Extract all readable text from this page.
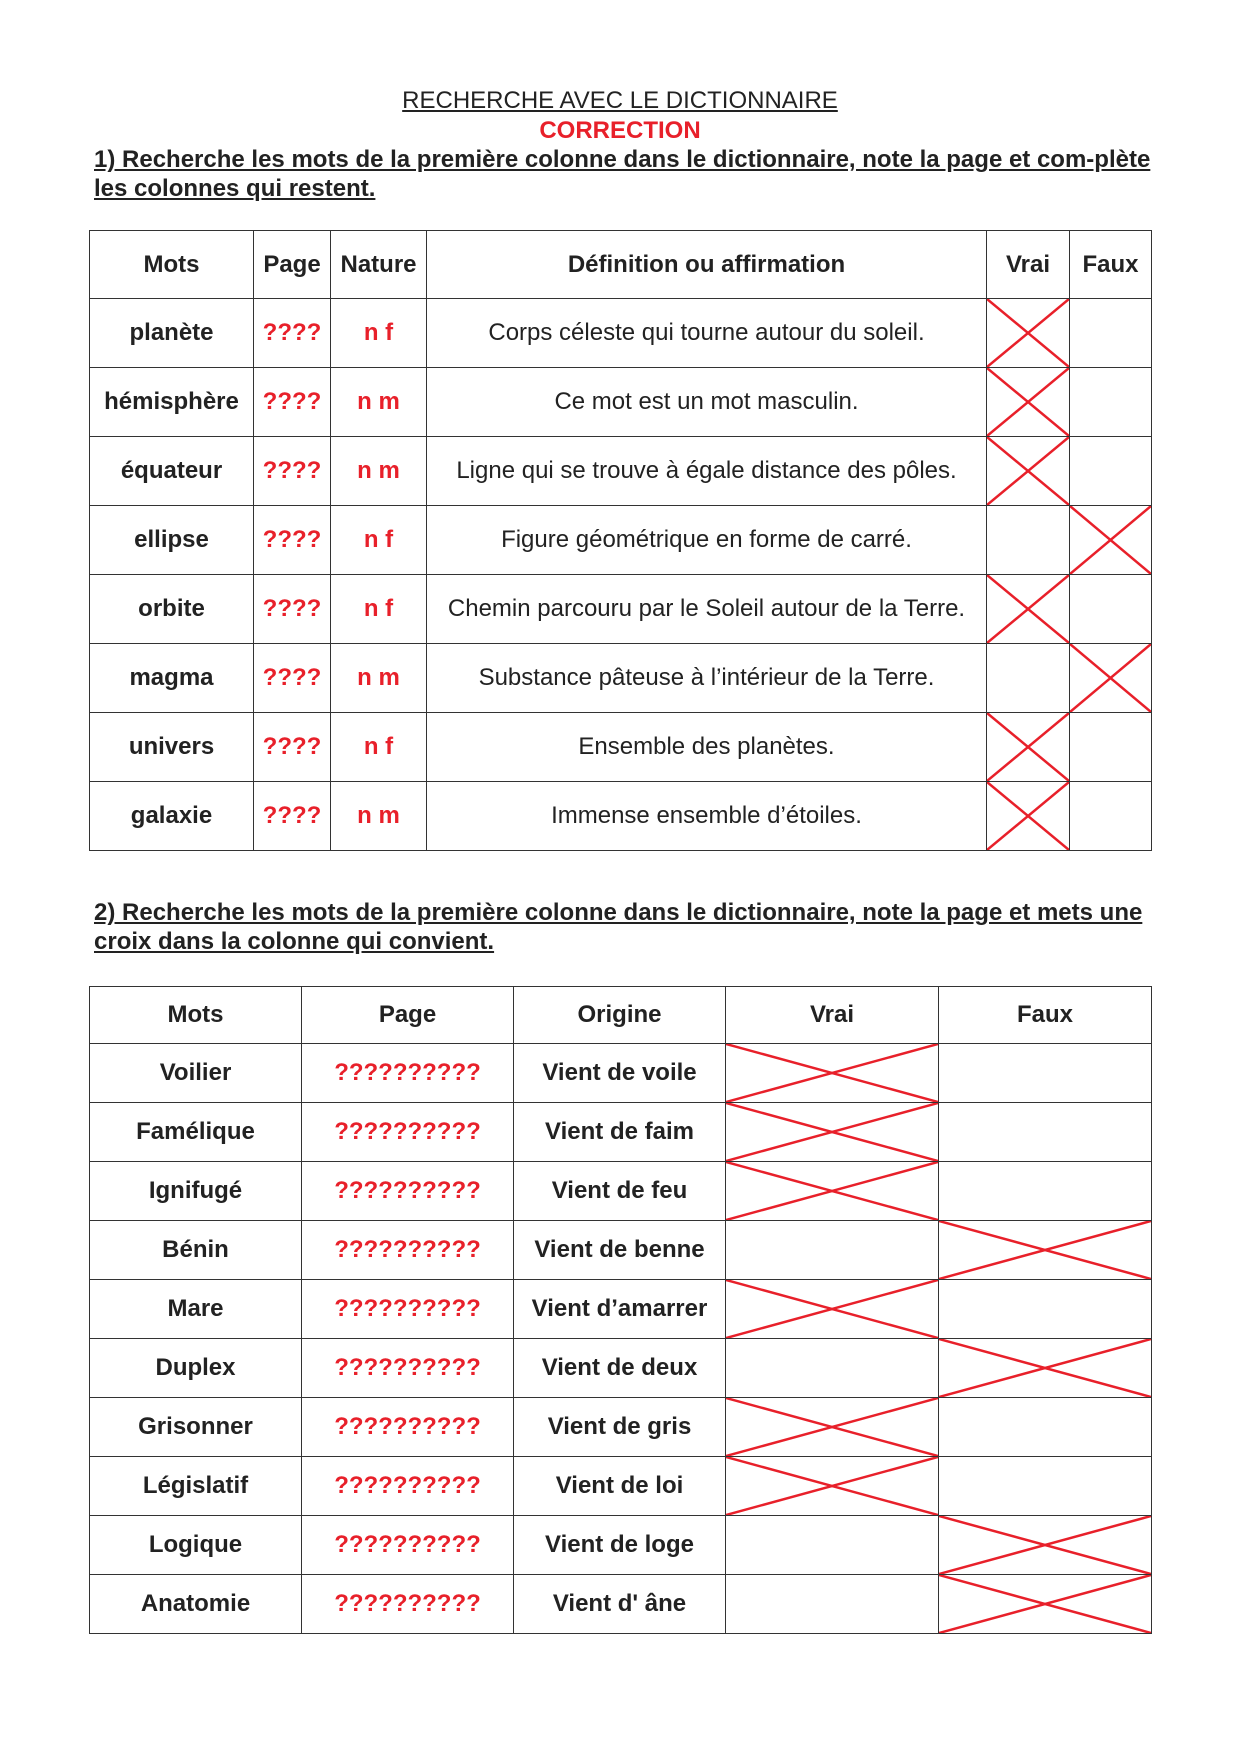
RECHERCHE AVEC LE DICTIONNAIRE
CORRECTION
1) Recherche les mots de la première colonne dans le dictionnaire, note la page et com-plète les colonnes qui restent.
Mots	Page	Nature	Définition ou affirmation	Vrai	Faux
planète	????	n f	Corps céleste qui tourne autour du soleil.	

hémisphère	????	n m	Ce mot est un mot masculin.	

équateur	????	n m	Ligne qui se trouve à égale distance des pôles.	

ellipse	????	n f	Figure géométrique en forme de carré.		

orbite	????	n f	Chemin parcouru par le Soleil autour de la Terre.	

magma	????	n m	Substance pâteuse à l’intérieur de la Terre.		

univers	????	n f	Ensemble des planètes.	

galaxie	????	n m	Immense ensemble d’étoiles.	

2) Recherche les mots de la première colonne dans le dictionnaire, note la page et mets une croix dans la colonne qui convient.
Mots	Page	Origine	Vrai	Faux
Voilier	??????????	Vient de voile	

Famélique	??????????	Vient de faim	

Ignifugé	??????????	Vient de feu	

Bénin	??????????	Vient de benne		

Mare	??????????	Vient d’amarrer	

Duplex	??????????	Vient de deux		

Grisonner	??????????	Vient de gris	

Législatif	??????????	Vient de loi	

Logique	??????????	Vient de loge		

Anatomie	??????????	Vient d' âne		
